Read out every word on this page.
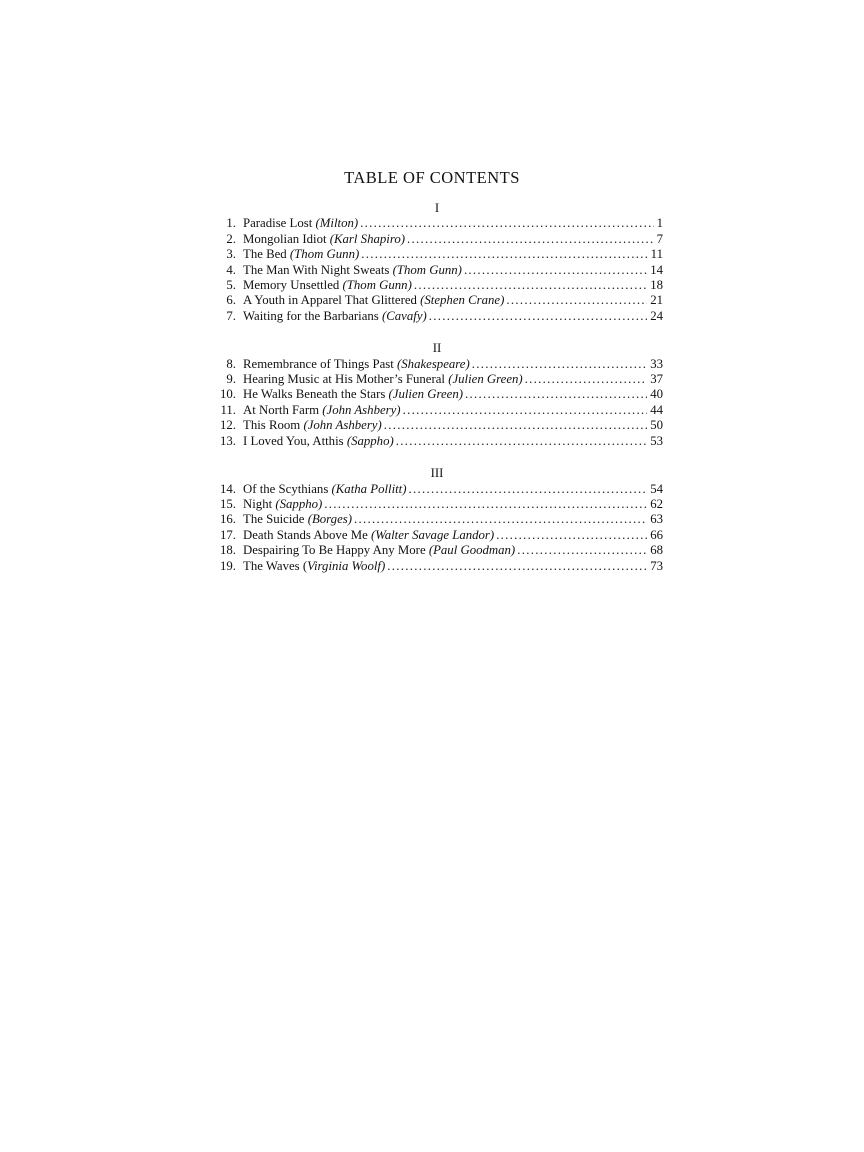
TABLE OF CONTENTS
I
1. Paradise Lost (Milton) .....	1
2. Mongolian Idiot (Karl Shapiro) .....	7
3. The Bed (Thom Gunn) .....	11
4. The Man With Night Sweats (Thom Gunn) .....	14
5. Memory Unsettled (Thom Gunn) .....	18
6. A Youth in Apparel That Glittered (Stephen Crane) .....	21
7. Waiting for the Barbarians (Cavafy) .....	24
II
8. Remembrance of Things Past (Shakespeare) .....	33
9. Hearing Music at His Mother’s Funeral (Julien Green) .....	37
10. He Walks Beneath the Stars (Julien Green) .....	40
11. At North Farm (John Ashbery) .....	44
12. This Room (John Ashbery) .....	50
13. I Loved You, Atthis (Sappho) .....	53
III
14. Of the Scythians (Katha Pollitt) .....	54
15. Night (Sappho) .....	62
16. The Suicide (Borges) .....	63
17. Death Stands Above Me (Walter Savage Landor) .....	66
18. Despairing To Be Happy Any More (Paul Goodman) .....	68
19. The Waves (Virginia Woolf) .....	73
